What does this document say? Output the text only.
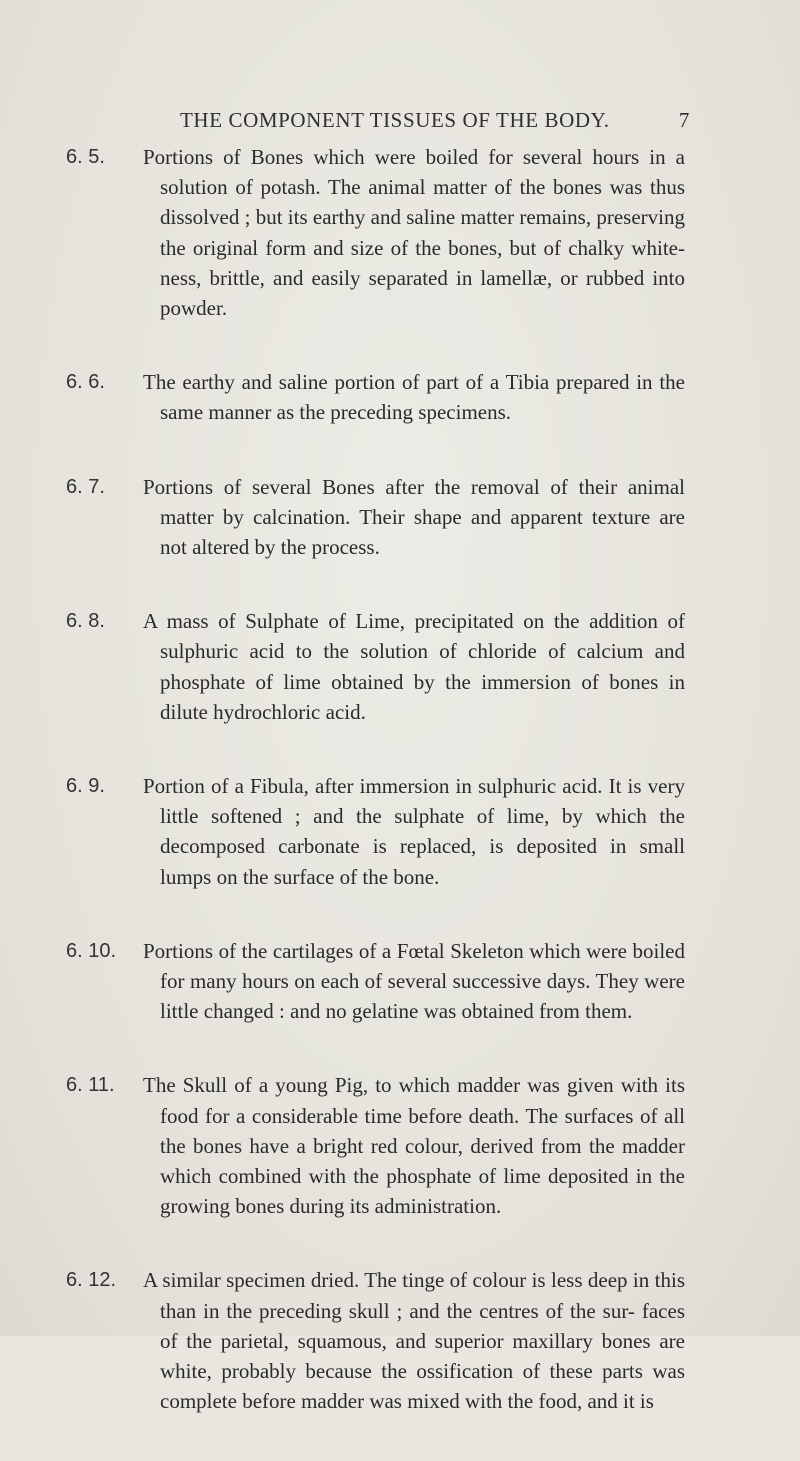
THE COMPONENT TISSUES OF THE BODY.	7
6. 5. Portions of Bones which were boiled for several hours in a solution of potash. The animal matter of the bones was thus dissolved ; but its earthy and saline matter remains, preserving the original form and size of the bones, but of chalky white- ness, brittle, and easily separated in lamellæ, or rubbed into powder.
6. 6. The earthy and saline portion of part of a Tibia prepared in the same manner as the preceding specimens.
6. 7. Portions of several Bones after the removal of their animal matter by calcination. Their shape and apparent texture are not altered by the process.
6. 8. A mass of Sulphate of Lime, precipitated on the addition of sulphuric acid to the solution of chloride of calcium and phosphate of lime obtained by the immersion of bones in dilute hydrochloric acid.
6. 9. Portion of a Fibula, after immersion in sulphuric acid. It is very little softened ; and the sulphate of lime, by which the decomposed carbonate is replaced, is deposited in small lumps on the surface of the bone.
6. 10. Portions of the cartilages of a Fœtal Skeleton which were boiled for many hours on each of several successive days. They were little changed : and no gelatine was obtained from them.
6. 11. The Skull of a young Pig, to which madder was given with its food for a considerable time before death. The surfaces of all the bones have a bright red colour, derived from the madder which combined with the phosphate of lime deposited in the growing bones during its administration.
6. 12. A similar specimen dried. The tinge of colour is less deep in this than in the preceding skull ; and the centres of the sur- faces of the parietal, squamous, and superior maxillary bones are white, probably because the ossification of these parts was complete before madder was mixed with the food, and it is
